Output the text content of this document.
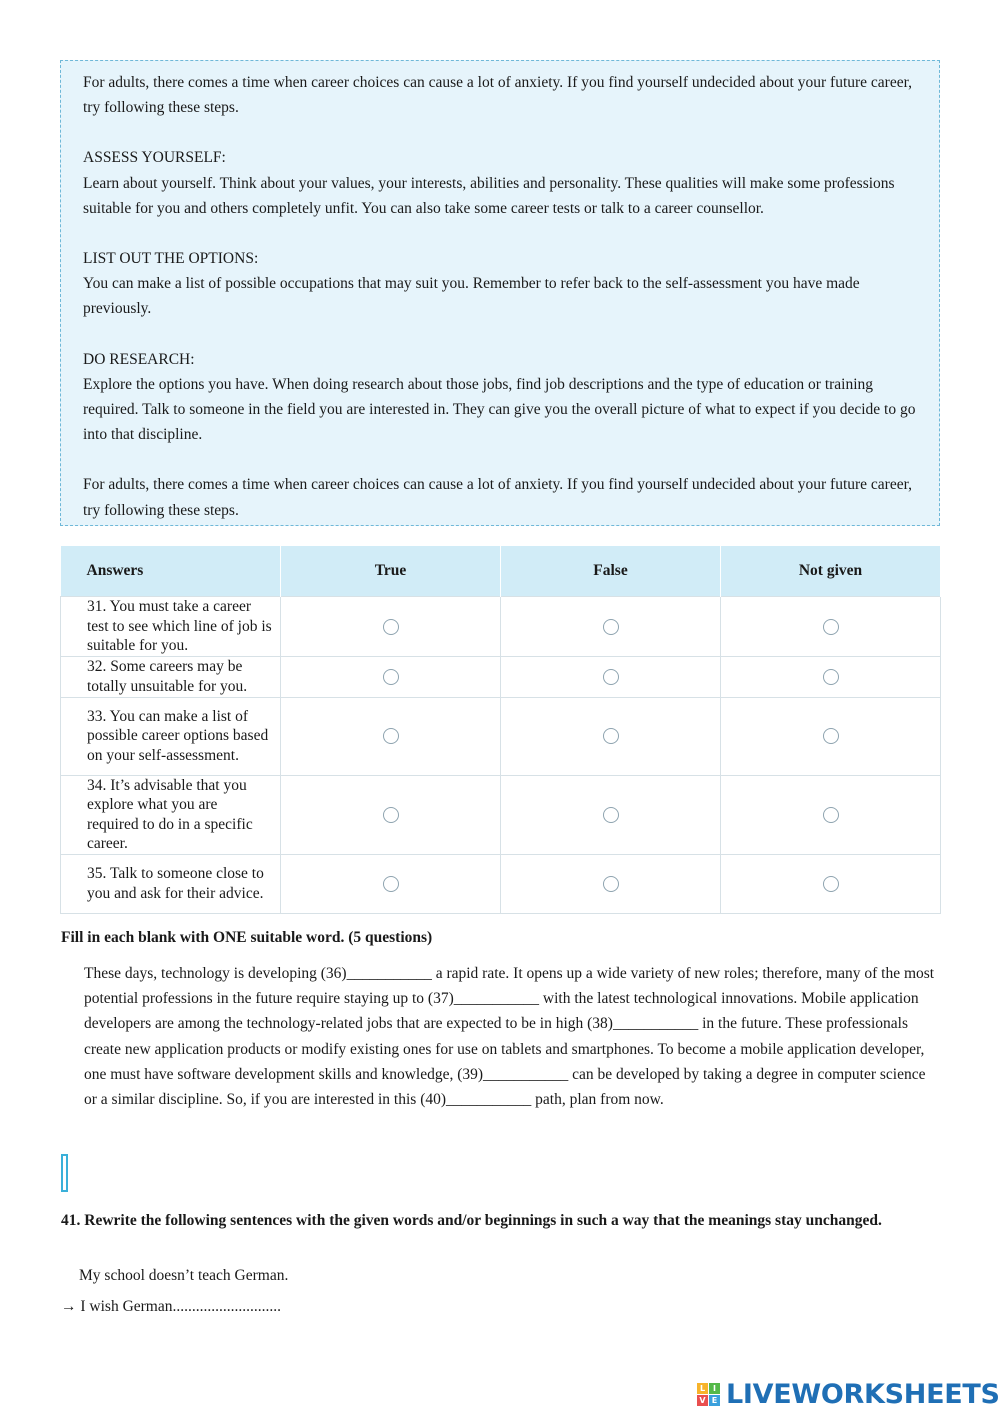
For adults, there comes a time when career choices can cause a lot of anxiety. If you find yourself undecided about your future career, try following these steps.

ASSESS YOURSELF:

Learn about yourself. Think about your values, your interests, abilities and personality. These qualities will make some professions suitable for you and others completely unfit. You can also take some career tests or talk to a career counsellor.

LIST OUT THE OPTIONS:

You can make a list of possible occupations that may suit you. Remember to refer back to the self-assessment you have made previously.

DO RESEARCH:

Explore the options you have. When doing research about those jobs, find job descriptions and the type of education or training required. Talk to someone in the field you are interested in. They can give you the overall picture of what to expect if you decide to go into that discipline.

For adults, there comes a time when career choices can cause a lot of anxiety. If you find yourself undecided about your future career, try following these steps.

Answers	True	False	Not given
31. You must take a career test to see which line of job is suitable for you.			
32. Some careers may be totally unsuitable for you.			
33. You can make a list of possible career options based on your self-assessment.			
34. It’s advisable that you explore what you are required to do in a specific career.			
35. Talk to someone close to you and ask for their advice.			
Fill in each blank with ONE suitable word. (5 questions)
These days, technology is developing (36)___________ a rapid rate. It opens up a wide variety of new roles; therefore, many of the most potential professions in the future require staying up to (37)___________ with the latest technological innovations. Mobile application developers are among the technology-related jobs that are expected to be in high (38)___________ in the future. These professionals create new application products or modify existing ones for use on tablets and smartphones. To become a mobile application developer, one must have software development skills and knowledge, (39)___________ can be developed by taking a degree in computer science or a similar discipline. So, if you are interested in this (40)___________ path, plan from now.
41. Rewrite the following sentences with the given words and/or beginnings in such a way that the meanings stay unchanged.
My school doesn’t teach German.
→ I wish German............................
L I
V E LIVEWORKSHEETS
